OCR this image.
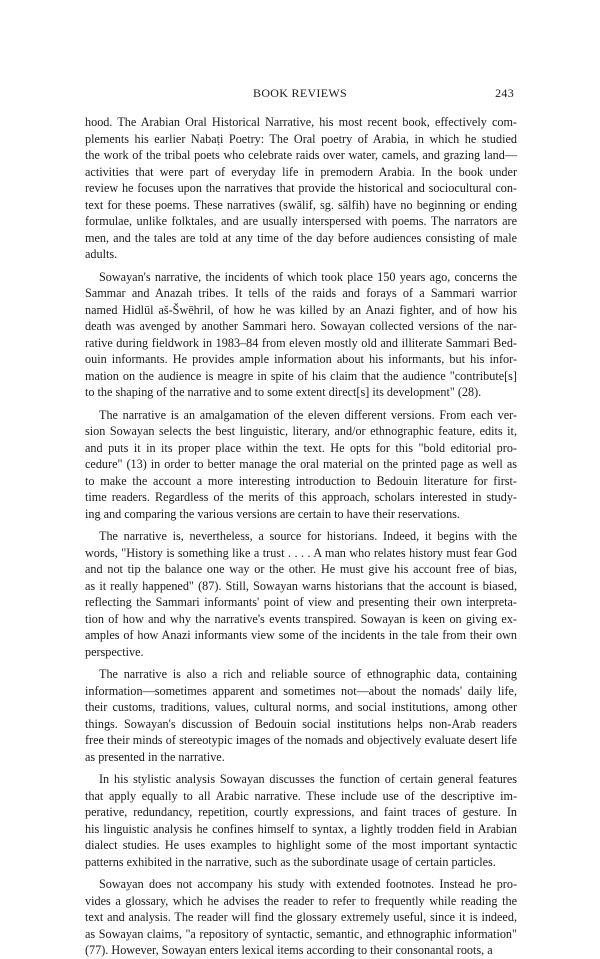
BOOK REVIEWS	243
hood. The Arabian Oral Historical Narrative, his most recent book, effectively com-
plements his earlier Nabaṭi Poetry: The Oral poetry of Arabia, in which he studied
the work of the tribal poets who celebrate raids over water, camels, and grazing land—
activities that were part of everyday life in premodern Arabia. In the book under
review he focuses upon the narratives that provide the historical and sociocultural con-
text for these poems. These narratives (swālif, sg. sālfih) have no beginning or ending
formulae, unlike folktales, and are usually interspersed with poems. The narrators are
men, and the tales are told at any time of the day before audiences consisting of male
adults.
Sowayan's narrative, the incidents of which took place 150 years ago, concerns the
Sammar and Anazah tribes. It tells of the raids and forays of a Sammari warrior
named Hidlūl aš-Šwēhril, of how he was killed by an Anazi fighter, and of how his
death was avenged by another Sammari hero. Sowayan collected versions of the nar-
rative during fieldwork in 1983–84 from eleven mostly old and illiterate Sammari Bed-
ouin informants. He provides ample information about his informants, but his infor-
mation on the audience is meagre in spite of his claim that the audience "contribute[s]
to the shaping of the narrative and to some extent direct[s] its development" (28).
The narrative is an amalgamation of the eleven different versions. From each ver-
sion Sowayan selects the best linguistic, literary, and/or ethnographic feature, edits it,
and puts it in its proper place within the text. He opts for this "bold editorial pro-
cedure" (13) in order to better manage the oral material on the printed page as well as
to make the account a more interesting introduction to Bedouin literature for first-
time readers. Regardless of the merits of this approach, scholars interested in study-
ing and comparing the various versions are certain to have their reservations.
The narrative is, nevertheless, a source for historians. Indeed, it begins with the
words, "History is something like a trust . . . . A man who relates history must fear God
and not tip the balance one way or the other. He must give his account free of bias,
as it really happened" (87). Still, Sowayan warns historians that the account is biased,
reflecting the Sammari informants' point of view and presenting their own interpreta-
tion of how and why the narrative's events transpired. Sowayan is keen on giving ex-
amples of how Anazi informants view some of the incidents in the tale from their own
perspective.
The narrative is also a rich and reliable source of ethnographic data, containing
information—sometimes apparent and sometimes not—about the nomads' daily life,
their customs, traditions, values, cultural norms, and social institutions, among other
things. Sowayan's discussion of Bedouin social institutions helps non-Arab readers
free their minds of stereotypic images of the nomads and objectively evaluate desert life
as presented in the narrative.
In his stylistic analysis Sowayan discusses the function of certain general features
that apply equally to all Arabic narrative. These include use of the descriptive im-
perative, redundancy, repetition, courtly expressions, and faint traces of gesture. In
his linguistic analysis he confines himself to syntax, a lightly trodden field in Arabian
dialect studies. He uses examples to highlight some of the most important syntactic
patterns exhibited in the narrative, such as the subordinate usage of certain particles.
Sowayan does not accompany his study with extended footnotes. Instead he pro-
vides a glossary, which he advises the reader to refer to frequently while reading the
text and analysis. The reader will find the glossary extremely useful, since it is indeed,
as Sowayan claims, "a repository of syntactic, semantic, and ethnographic information"
(77). However, Sowayan enters lexical items according to their consonantal roots, a
